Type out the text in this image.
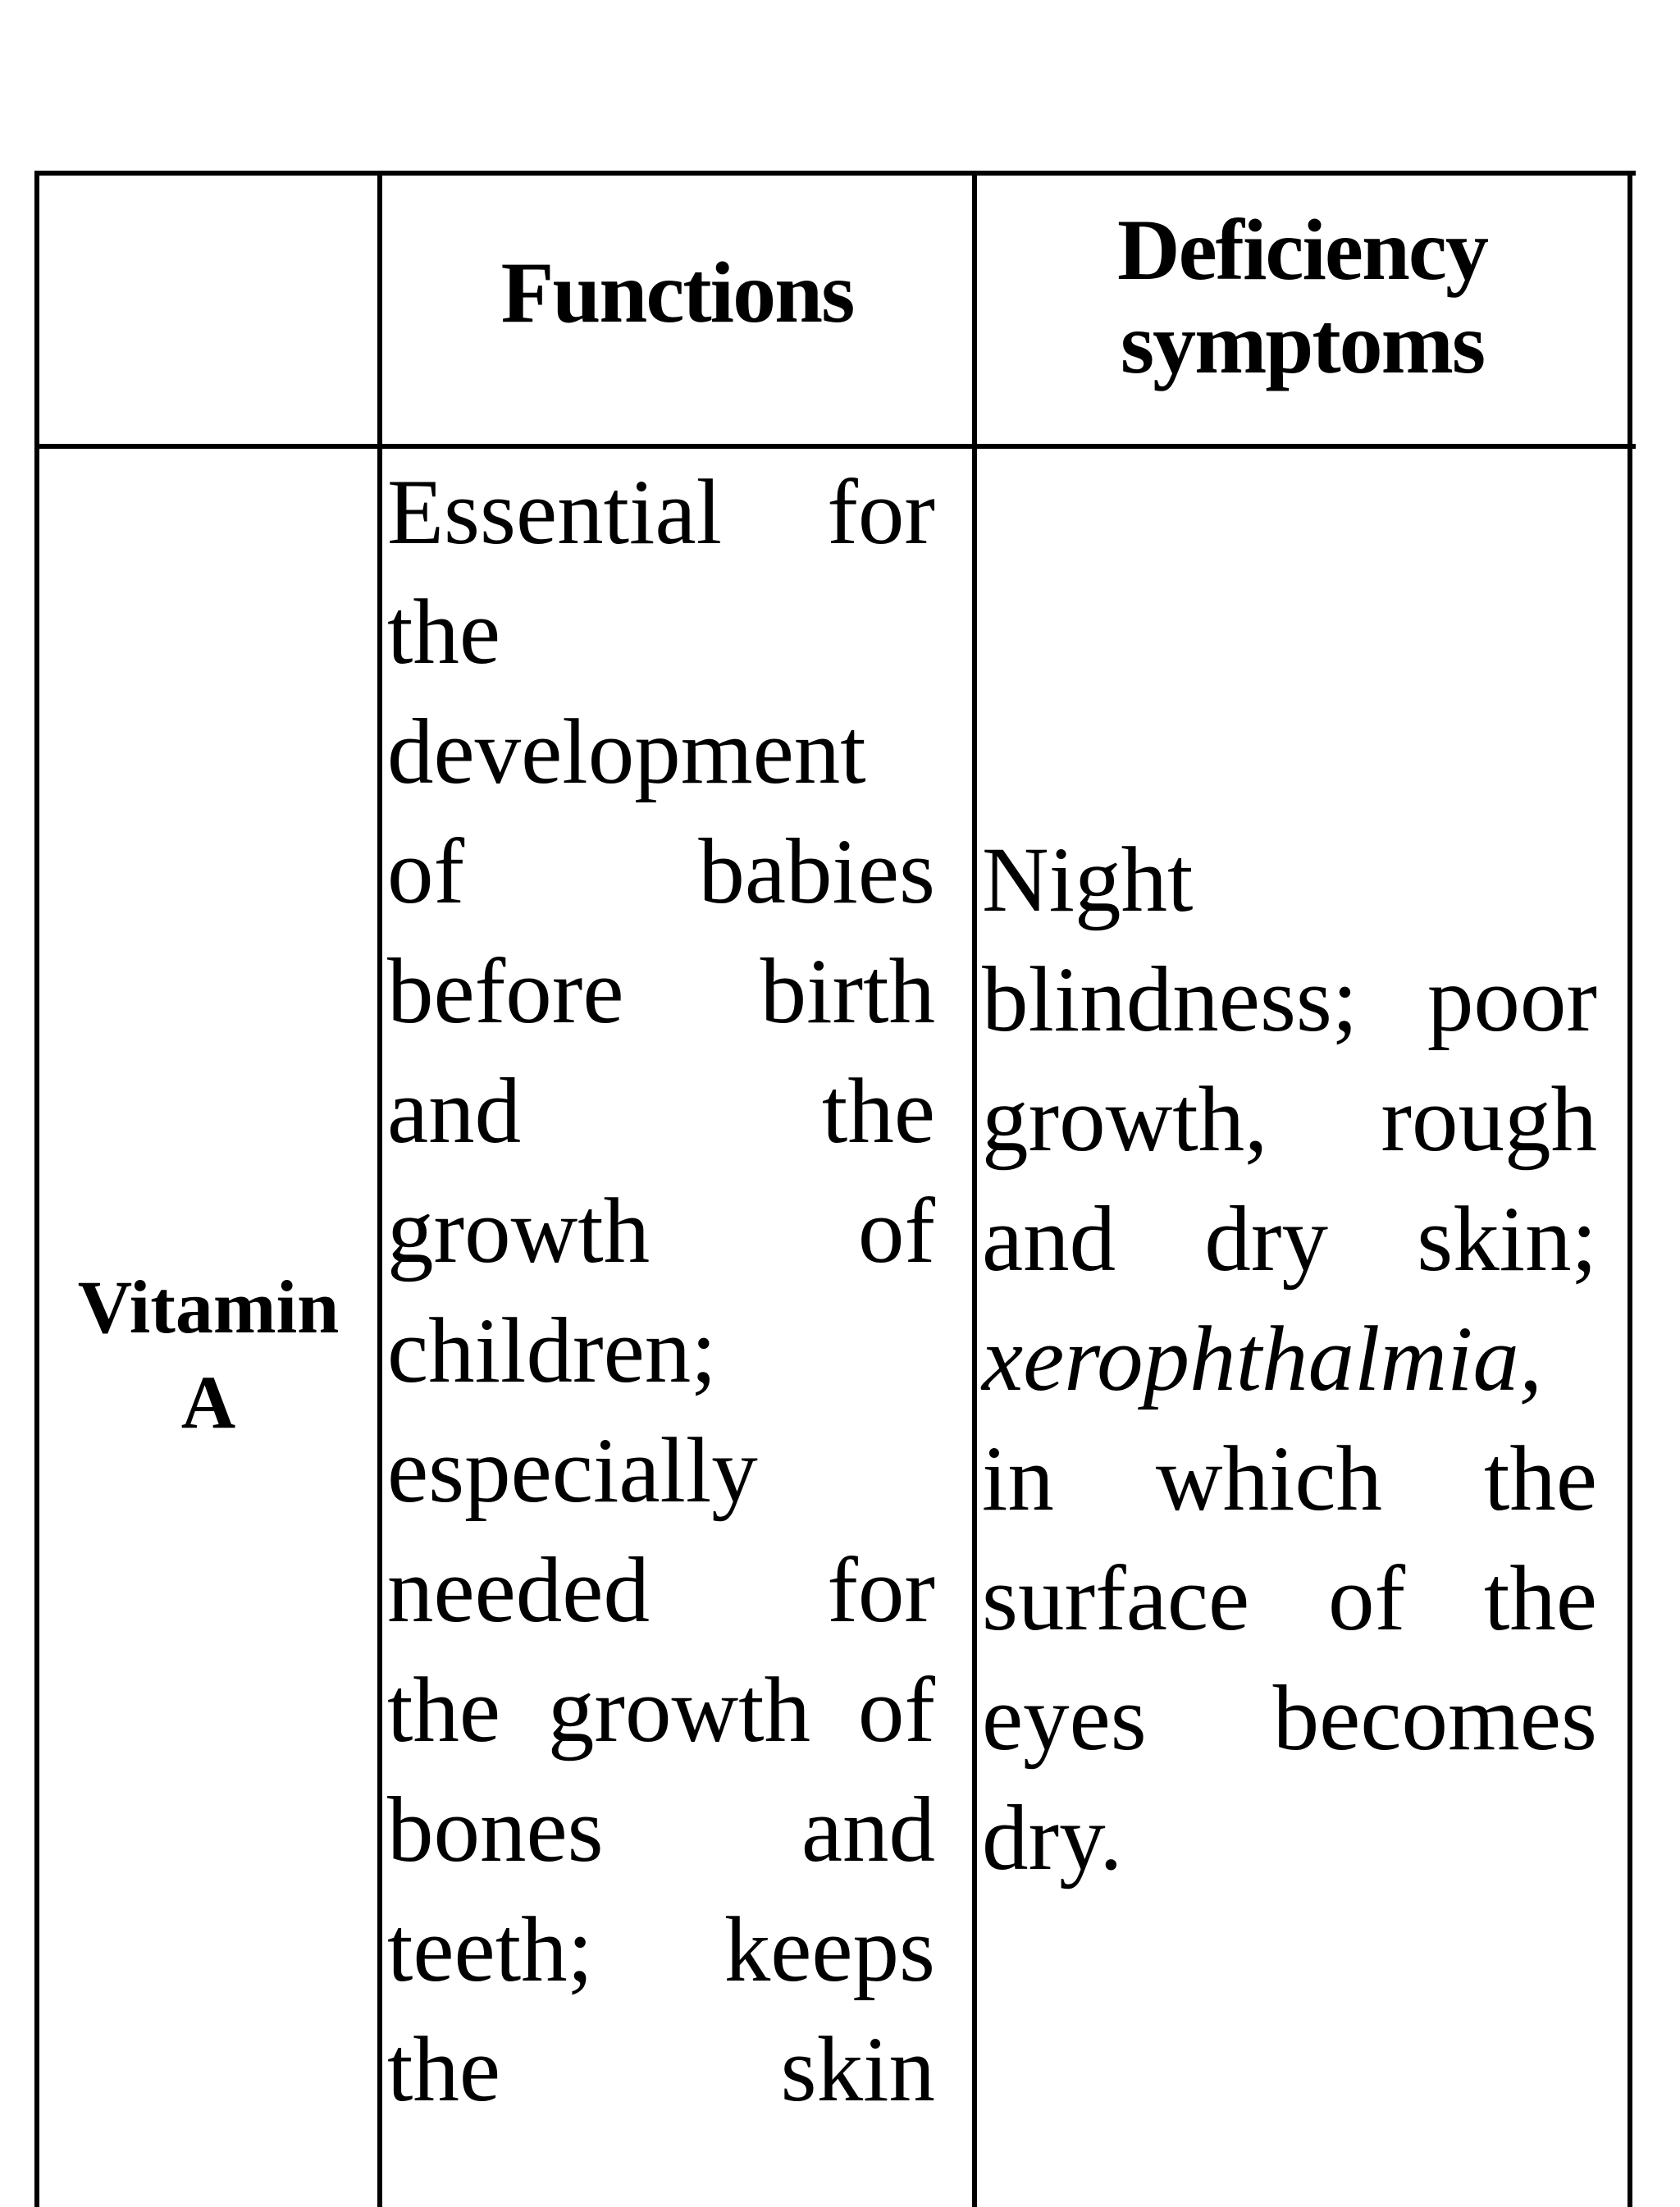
Functions	Deficiency
symptoms
Vitamin
A
Essential for
the
development
of babies
before birth
and the
growth of
children;
especially
needed for
the growth of
bones and
teeth; keeps
the skin
Night
blindness; poor
growth, rough
and dry skin;
xerophthalmia,
in which the
surface of the
eyes becomes
dry.
